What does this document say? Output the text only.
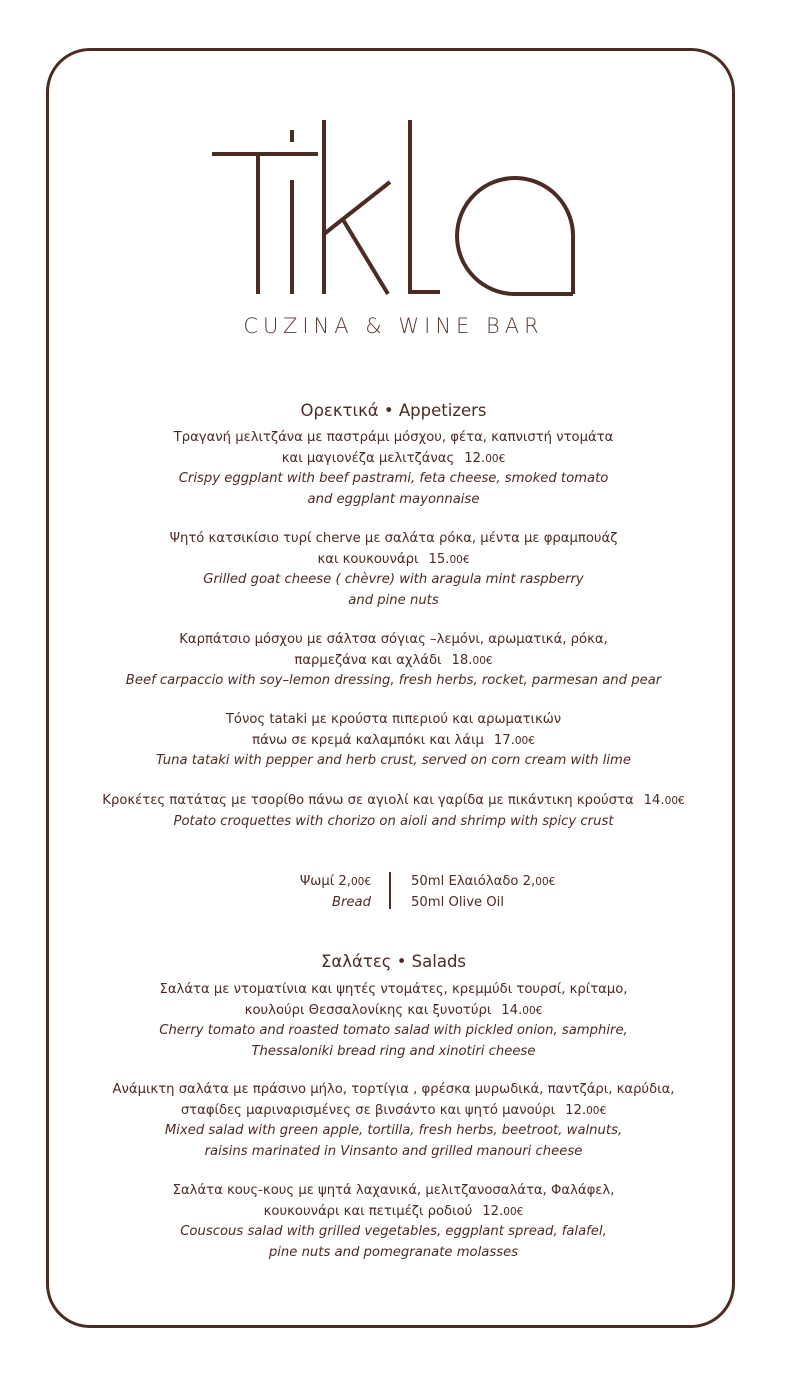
CUZINA & WINE BAR
Ορεκτικά • Appetizers
Τραγανή μελιτζάνα με παστράμι μόσχου, φέτα, καπνιστή ντομάτα
και μαγιονέζα μελιτζάνας 12.00€
Crispy eggplant with beef pastrami, feta cheese, smoked tomato
and eggplant mayonnaise
Ψητό κατσικίσιο τυρί cherve με σαλάτα ρόκα, μέντα με φραμπουάζ
και κουκουνάρι 15.00€
Grilled goat cheese ( chèvre) with aragula mint raspberry
and pine nuts
Καρπάτσιο μόσχου με σάλτσα σόγιας –λεμόνι, αρωματικά, ρόκα,
παρμεζάνα και αχλάδι 18.00€
Beef carpaccio with soy–lemon dressing, fresh herbs, rocket, parmesan and pear
Τόνος tataki με κρούστα πιπεριού και αρωματικών
πάνω σε κρεμά καλαμπόκι και λάιμ 17.00€
Tuna tataki with pepper and herb crust, served on corn cream with lime
Κροκέτες πατάτας με τσορίθο πάνω σε αγιολί και γαρίδα με πικάντικη κρούστα 14.00€
Potato croquettes with chorizo on aioli and shrimp with spicy crust
Ψωμί 2,00€
Bread
50ml Ελαιόλαδο 2,00€
50ml Olive Oil
Σαλάτες • Salads
Σαλάτα με ντοματίνια και ψητές ντομάτες, κρεμμύδι τουρσί, κρίταμο,
κουλούρι Θεσσαλονίκης και ξυνοτύρι 14.00€
Cherry tomato and roasted tomato salad with pickled onion, samphire,
Thessaloniki bread ring and xinotiri cheese
Ανάμικτη σαλάτα με πράσινο μήλο, τορτίγια , φρέσκα μυρωδικά, παντζάρι, καρύδια,
σταφίδες μαριναρισμένες σε βινσάντο και ψητό μανούρι 12.00€
Mixed salad with green apple, tortilla, fresh herbs, beetroot, walnuts,
raisins marinated in Vinsanto and grilled manouri cheese
Σαλάτα κους-κους με ψητά λαχανικά, μελιτζανοσαλάτα, Φαλάφελ,
κουκουνάρι και πετιμέζι ροδιού 12.00€
Couscous salad with grilled vegetables, eggplant spread, falafel,
pine nuts and pomegranate molasses
